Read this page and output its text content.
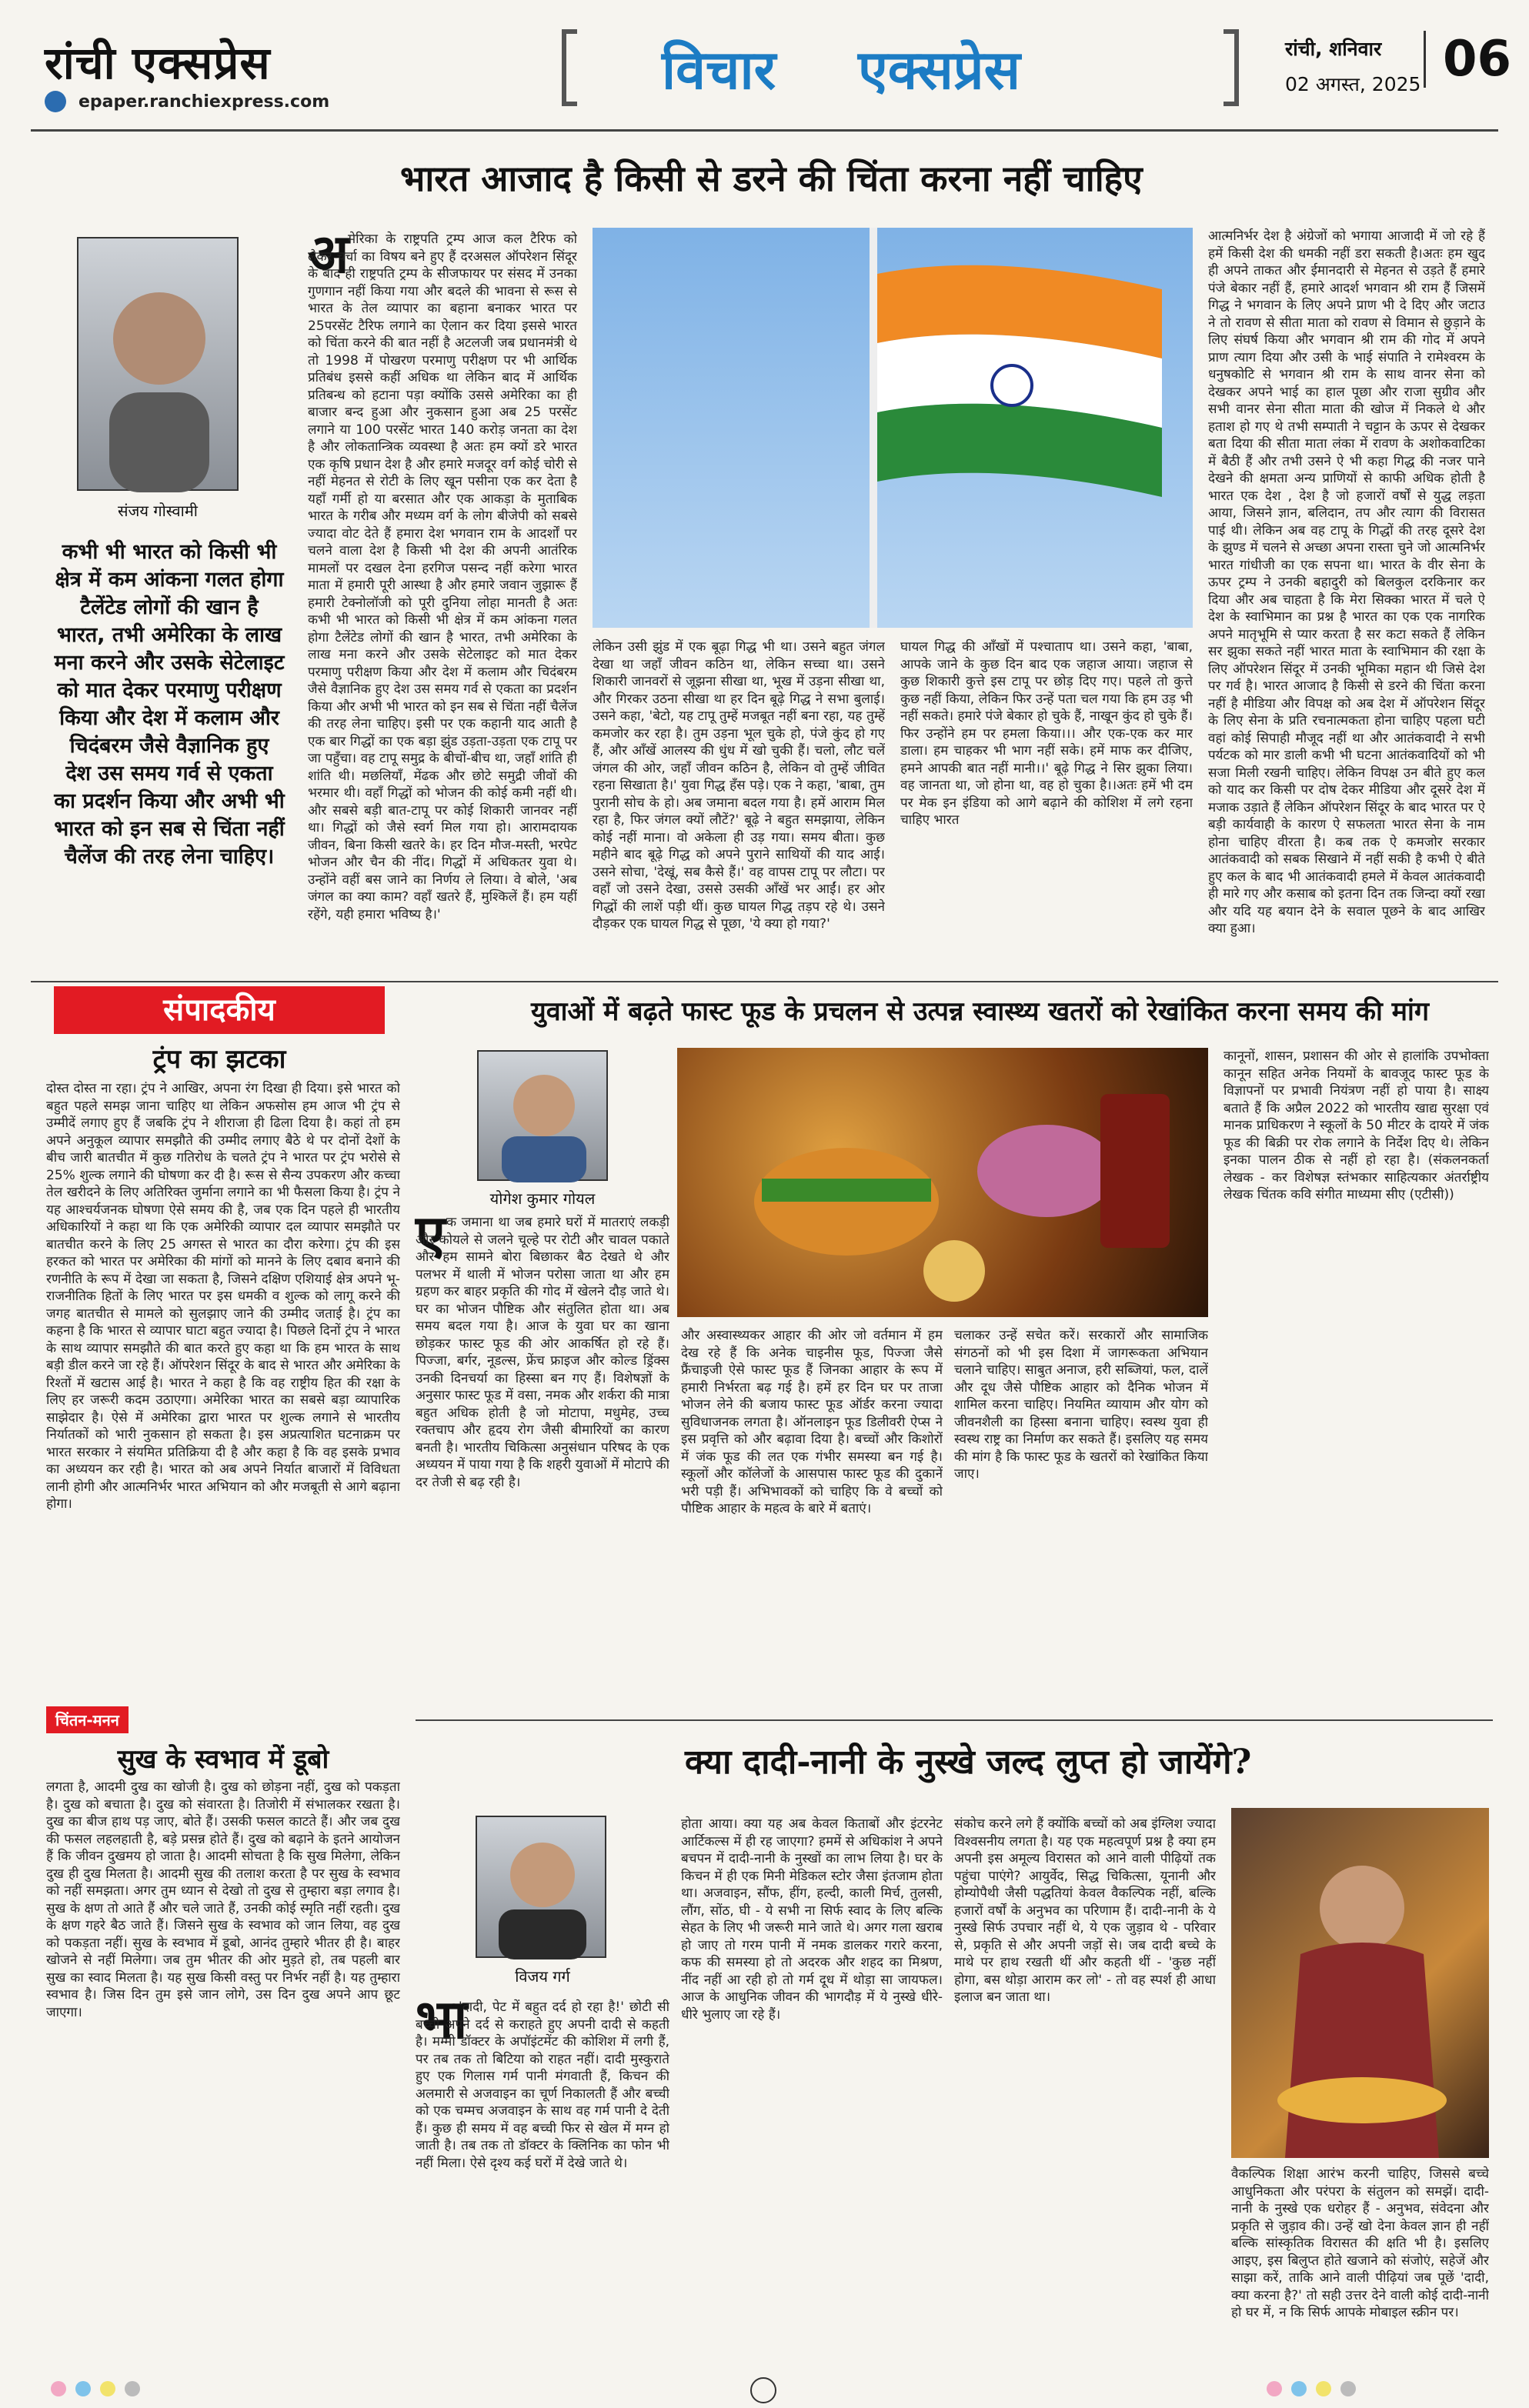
रांची एक्सप्रेस
epaper.ranchiexpress.com
विचार एक्सप्रेस	रांची, शनिवार
02 अगस्त, 2025 06
भारत आजाद है किसी से डरने की चिंता करना नहीं चाहिए
संजय गोस्वामी
कभी भी भारत को किसी भी क्षेत्र में कम आंकना गलत होगा टैलेंटेड लोगों की खान है भारत, तभी अमेरिका के लाख मना करने और उसके सेटेलाइट को मात देकर परमाणु परीक्षण किया और देश में कलाम और चिदंबरम जैसे वैज्ञानिक हुए देश उस समय गर्व से एकता का प्रदर्शन किया और अभी भी भारत को इन सब से चिंता नहीं चैलेंज की तरह लेना चाहिए।
अ
मेरिका के राष्ट्रपति ट्रम्प आज कल टैरिफ को लेकर चर्चा का विषय बने हुए हैं दरअसल ऑपरेशन सिंदूर के बाद ही राष्ट्रपति ट्रम्प के सीजफायर पर संसद में उनका गुणगान नहीं किया गया और बदले की भावना से रूस से भारत के तेल व्यापार का बहाना बनाकर भारत पर 25परसेंट टैरिफ लगाने का ऐलान कर दिया इससे भारत को चिंता करने की बात नहीं है अटलजी जब प्रधानमंत्री थे तो 1998 में पोखरण परमाणु परीक्षण पर भी आर्थिक प्रतिबंध इससे कहीं अधिक था लेकिन बाद में आर्थिक प्रतिबन्ध को हटाना पड़ा क्योंकि उससे अमेरिका का ही बाजार बन्द हुआ और नुकसान हुआ अब 25 परसेंट लगाने या 100 परसेंट भारत 140 करोड़ जनता का देश है और लोकतान्त्रिक व्यवस्था है अतः हम क्यों डरे भारत एक कृषि प्रधान देश है और हमारे मजदूर वर्ग कोई चोरी से नहीं मेहनत से रोटी के लिए खून पसीना एक कर देता है यहाँ गर्मी हो या बरसात और एक आकड़ा के मुताबिक भारत के गरीब और मध्यम वर्ग के लोग बीजेपी को सबसे ज्यादा वोट देते हैं हमारा देश भगवान राम के आदर्शों पर चलने वाला देश है किसी भी देश की अपनी आतंरिक मामलों पर दखल देना हरगिज पसन्द नहीं करेगा भारत माता में हमारी पूरी आस्था है और हमारे जवान जुझारू हैं हमारी टेक्नोलॉजी को पूरी दुनिया लोहा मानती है अतः कभी भी भारत को किसी भी क्षेत्र में कम आंकना गलत होगा टैलेंटेड लोगों की खान है भारत, तभी अमेरिका के लाख मना करने और उसके सेटेलाइट को मात देकर परमाणु परीक्षण किया और देश में कलाम और चिदंबरम जैसे वैज्ञानिक हुए देश उस समय गर्व से एकता का प्रदर्शन किया और अभी भी भारत को इन सब से चिंता नहीं चैलेंज की तरह लेना चाहिए। इसी पर एक कहानी याद आती है एक बार गिद्धों का एक बड़ा झुंड उड़ता-उड़ता एक टापू पर जा पहुँचा। वह टापू समुद्र के बीचों-बीच था, जहाँ शांति ही शांति थी। मछलियाँ, मेंढक और छोटे समुद्री जीवों की भरमार थी। वहाँ गिद्धों को भोजन की कोई कमी नहीं थी। और सबसे बड़ी बात-टापू पर कोई शिकारी जानवर नहीं था। गिद्धों को जैसे स्वर्ग मिल गया हो। आरामदायक जीवन, बिना किसी खतरे के। हर दिन मौज-मस्ती, भरपेट भोजन और चैन की नींद। गिद्धों में अधिकतर युवा थे। उन्होंने वहीं बस जाने का निर्णय ले लिया। वे बोले, 'अब जंगल का क्या काम? वहाँ खतरे हैं, मुश्किलें हैं। हम यहीं रहेंगे, यही हमारा भविष्य है।'
लेकिन उसी झुंड में एक बूढ़ा गिद्ध भी था। उसने बहुत जंगल देखा था जहाँ जीवन कठिन था, लेकिन सच्चा था। उसने शिकारी जानवरों से जूझना सीखा था, भूख में उड़ना सीखा था, और गिरकर उठना सीखा था हर दिन बूढ़े गिद्ध ने सभा बुलाई। उसने कहा, 'बेटो, यह टापू तुम्हें मजबूत नहीं बना रहा, यह तुम्हें कमजोर कर रहा है। तुम उड़ना भूल चुके हो, पंजे कुंद हो गए हैं, और आँखें आलस्य की धुंध में खो चुकी हैं। चलो, लौट चलें जंगल की ओर, जहाँ जीवन कठिन है, लेकिन वो तुम्हें जीवित रहना सिखाता है।' युवा गिद्ध हँस पड़े। एक ने कहा, 'बाबा, तुम पुरानी सोच के हो। अब जमाना बदल गया है। हमें आराम मिल रहा है, फिर जंगल क्यों लौटें?' बूढ़े ने बहुत समझाया, लेकिन कोई नहीं माना। वो अकेला ही उड़ गया। समय बीता। कुछ महीने बाद बूढ़े गिद्ध को अपने पुराने साथियों की याद आई। उसने सोचा, 'देखूं, सब कैसे हैं।' वह वापस टापू पर लौटा। पर वहाँ जो उसने देखा, उससे उसकी आँखें भर आईं। हर ओर गिद्धों की लाशें पड़ी थीं। कुछ घायल गिद्ध तड़प रहे थे। उसने दौड़कर एक घायल गिद्ध से पूछा, 'ये क्या हो गया?'
घायल गिद्ध की आँखों में पश्चाताप था। उसने कहा, 'बाबा, आपके जाने के कुछ दिन बाद एक जहाज आया। जहाज से कुछ शिकारी कुत्ते इस टापू पर छोड़ दिए गए। पहले तो कुत्ते कुछ नहीं किया, लेकिन फिर उन्हें पता चल गया कि हम उड़ भी नहीं सकते। हमारे पंजे बेकार हो चुके हैं, नाखून कुंद हो चुके हैं। फिर उन्होंने हम पर हमला किया।।। और एक-एक कर मार डाला। हम चाहकर भी भाग नहीं सके। हमें माफ कर दीजिए, हमने आपकी बात नहीं मानी।।' बूढ़े गिद्ध ने सिर झुका लिया। वह जानता था, जो होना था, वह हो चुका है।।अतः हमें भी दम पर मेक इन इंडिया को आगे बढ़ाने की कोशिश में लगे रहना चाहिए भारत
आत्मनिर्भर देश है अंग्रेजों को भगाया आजादी में जो रहे हैं हमें किसी देश की धमकी नहीं डरा सकती है।अतः हम खुद ही अपने ताकत और ईमानदारी से मेहनत से उड़ते हैं हमारे पंजे बेकार नहीं हैं, हमारे आदर्श भगवान श्री राम हैं जिसमें गिद्ध ने भगवान के लिए अपने प्राण भी दे दिए और जटाउ ने तो रावण से सीता माता को रावण से विमान से छुड़ाने के लिए संघर्ष किया और भगवान श्री राम की गोद में अपने प्राण त्याग दिया और उसी के भाई संपाति ने रामेश्वरम के धनुषकोटि से भगवान श्री राम के साथ वानर सेना को देखकर अपने भाई का हाल पूछा और राजा सुग्रीव और सभी वानर सेना सीता माता की खोज में निकले थे और हताश हो गए थे तभी सम्पाती ने चट्टान के ऊपर से देखकर बता दिया की सीता माता लंका में रावण के अशोकवाटिका में बैठी हैं और तभी उसने ऐ भी कहा गिद्ध की नजर पाने देखने की क्षमता अन्य प्राणियों से काफी अधिक होती है भारत एक देश , देश है जो हजारों वर्षों से युद्ध लड़ता आया, जिसने ज्ञान, बलिदान, तप और त्याग की विरासत पाई थी। लेकिन अब वह टापू के गिद्धों की तरह दूसरे देश के झुण्ड में चलने से अच्छा अपना रास्ता चुने जो आत्मनिर्भर भारत गांधीजी का एक सपना था। भारत के वीर सेना के ऊपर ट्रम्प ने उनकी बहादुरी को बिलकुल दरकिनार कर दिया और अब चाहता है कि मेरा सिक्का भारत में चले ऐ देश के स्वाभिमान का प्रश्न है भारत का एक एक नागरिक अपने मातृभूमि से प्यार करता है सर कटा सकते हैं लेकिन सर झुका सकते नहीं भारत माता के स्वाभिमान की रक्षा के लिए ऑपरेशन सिंदूर में उनकी भूमिका महान थी जिसे देश पर गर्व है। भारत आजाद है किसी से डरने की चिंता करना नहीं है मीडिया और विपक्ष को अब देश में ऑपरेशन सिंदूर के लिए सेना के प्रति रचनात्मकता होना चाहिए पहला घटी वहां कोई सिपाही मौजूद नहीं था और आतंकवादी ने सभी पर्यटक को मार डाली कभी भी घटना आतंकवादियों को भी सजा मिली रखनी चाहिए। लेकिन विपक्ष उन बीते हुए कल को याद कर किसी पर दोष देकर मीडिया और दूसरे देश में मजाक उड़ाते हैं लेकिन ऑपरेशन सिंदूर के बाद भारत पर ऐ बड़ी कार्यवाही के कारण ऐ सफलता भारत सेना के नाम होना चाहिए वीरता है। कब तक ऐ कमजोर सरकार आतंकवादी को सबक सिखाने में नहीं सकी है कभी ऐ बीते हुए कल के बाद भी आतंकवादी हमले में केवल आतंकवादी ही मारे गए और कसाब को इतना दिन तक जिन्दा क्यों रखा और यदि यह बयान देने के सवाल पूछने के बाद आखिर क्या हुआ।
संपादकीय
ट्रंप का झटका
दोस्त दोस्त ना रहा। ट्रंप ने आखिर, अपना रंग दिखा ही दिया। इसे भारत को बहुत पहले समझ जाना चाहिए था लेकिन अफसोस हम आज भी ट्रंप से उम्मीदें लगाए हुए हैं जबकि ट्रंप ने शीराजा ही ढिला दिया है। कहां तो हम अपने अनुकूल व्यापार समझौते की उम्मीद लगाए बैठे थे पर दोनों देशों के बीच जारी बातचीत में कुछ गतिरोध के चलते ट्रंप ने भारत पर ट्रंप भरोसे से 25% शुल्क लगाने की घोषणा कर दी है। रूस से सैन्य उपकरण और कच्चा तेल खरीदने के लिए अतिरिक्त जुर्माना लगाने का भी फैसला किया है। ट्रंप ने यह आश्चर्यजनक घोषणा ऐसे समय की है, जब एक दिन पहले ही भारतीय अधिकारियों ने कहा था कि एक अमेरिकी व्यापार दल व्यापार समझौते पर बातचीत करने के लिए 25 अगस्त से भारत का दौरा करेगा। ट्रंप की इस हरकत को भारत पर अमेरिका की मांगों को मानने के लिए दबाव बनाने की रणनीति के रूप में देखा जा सकता है, जिसने दक्षिण एशियाई क्षेत्र अपने भू-राजनीतिक हितों के लिए भारत पर इस धमकी व शुल्क को लागू करने की जगह बातचीत से मामले को सुलझाए जाने की उम्मीद जताई है। ट्रंप का कहना है कि भारत से व्यापार घाटा बहुत ज्यादा है। पिछले दिनों ट्रंप ने भारत के साथ व्यापार समझौते की बात करते हुए कहा था कि हम भारत के साथ बड़ी डील करने जा रहे हैं। ऑपरेशन सिंदूर के बाद से भारत और अमेरिका के रिश्तों में खटास आई है। भारत ने कहा है कि वह राष्ट्रीय हित की रक्षा के लिए हर जरूरी कदम उठाएगा। अमेरिका भारत का सबसे बड़ा व्यापारिक साझेदार है। ऐसे में अमेरिका द्वारा भारत पर शुल्क लगाने से भारतीय निर्यातकों को भारी नुकसान हो सकता है। इस अप्रत्याशित घटनाक्रम पर भारत सरकार ने संयमित प्रतिक्रिया दी है और कहा है कि वह इसके प्रभाव का अध्ययन कर रही है। भारत को अब अपने निर्यात बाजारों में विविधता लानी होगी और आत्मनिर्भर भारत अभियान को और मजबूती से आगे बढ़ाना होगा।
चिंतन-मनन
सुख के स्वभाव में डूबो
लगता है, आदमी दुख का खोजी है। दुख को छोड़ना नहीं, दुख को पकड़ता है। दुख को बचाता है। दुख को संवारता है। तिजोरी में संभालकर रखता है। दुख का बीज हाथ पड़ जाए, बोते हैं। उसकी फसल काटते हैं। और जब दुख की फसल लहलहाती है, बड़े प्रसन्न होते हैं। दुख को बढ़ाने के इतने आयोजन हैं कि जीवन दुखमय हो जाता है। आदमी सोचता है कि सुख मिलेगा, लेकिन दुख ही दुख मिलता है। आदमी सुख की तलाश करता है पर सुख के स्वभाव को नहीं समझता। अगर तुम ध्यान से देखो तो दुख से तुम्हारा बड़ा लगाव है। सुख के क्षण तो आते हैं और चले जाते हैं, उनकी कोई स्मृति नहीं रहती। दुख के क्षण गहरे बैठ जाते हैं। जिसने सुख के स्वभाव को जान लिया, वह दुख को पकड़ता नहीं। सुख के स्वभाव में डूबो, आनंद तुम्हारे भीतर ही है। बाहर खोजने से नहीं मिलेगा। जब तुम भीतर की ओर मुड़ते हो, तब पहली बार सुख का स्वाद मिलता है। यह सुख किसी वस्तु पर निर्भर नहीं है। यह तुम्हारा स्वभाव है। जिस दिन तुम इसे जान लोगे, उस दिन दुख अपने आप छूट जाएगा।
युवाओं में बढ़ते फास्ट फूड के प्रचलन से उत्पन्न स्वास्थ्य खतरों को रेखांकित करना समय की मांग
योगेश कुमार गोयल
ए क जमाना था जब हमारे घरों में मातराएं लकड़ी और कोयले से जलने चूल्हे पर रोटी और चावल पकाते और हम सामने बोरा बिछाकर बैठ देखते थे और पलभर में थाली में भोजन परोसा जाता था और हम ग्रहण कर बाहर प्रकृति की गोद में खेलने दौड़ जाते थे। घर का भोजन पौष्टिक और संतुलित होता था। अब समय बदल गया है। आज के युवा घर का खाना छोड़कर फास्ट फूड की ओर आकर्षित हो रहे हैं। पिज्जा, बर्गर, नूडल्स, फ्रेंच फ्राइज और कोल्ड ड्रिंक्स उनकी दिनचर्या का हिस्सा बन गए हैं। विशेषज्ञों के अनुसार फास्ट फूड में वसा, नमक और शर्करा की मात्रा बहुत अधिक होती है जो मोटापा, मधुमेह, उच्च रक्तचाप और हृदय रोग जैसी बीमारियों का कारण बनती है। भारतीय चिकित्सा अनुसंधान परिषद के एक अध्ययन में पाया गया है कि शहरी युवाओं में मोटापे की दर तेजी से बढ़ रही है।
और अस्वास्थ्यकर आहार की ओर जो वर्तमान में हम देख रहे हैं कि अनेक चाइनीस फूड, पिज्जा जैसे फ्रैंचाइजी ऐसे फास्ट फूड हैं जिनका आहार के रूप में हमारी निर्भरता बढ़ गई है। हमें हर दिन घर पर ताजा भोजन लेने की बजाय फास्ट फूड ऑर्डर करना ज्यादा सुविधाजनक लगता है। ऑनलाइन फूड डिलीवरी ऐप्स ने इस प्रवृत्ति को और बढ़ावा दिया है। बच्चों और किशोरों में जंक फूड की लत एक गंभीर समस्या बन गई है। स्कूलों और कॉलेजों के आसपास फास्ट फूड की दुकानें भरी पड़ी हैं। अभिभावकों को चाहिए कि वे बच्चों को पौष्टिक आहार के महत्व के बारे में बताएं।
चलाकर उन्हें सचेत करें। सरकारों और सामाजिक संगठनों को भी इस दिशा में जागरूकता अभियान चलाने चाहिए। साबुत अनाज, हरी सब्जियां, फल, दालें और दूध जैसे पौष्टिक आहार को दैनिक भोजन में शामिल करना चाहिए। नियमित व्यायाम और योग को जीवनशैली का हिस्सा बनाना चाहिए। स्वस्थ युवा ही स्वस्थ राष्ट्र का निर्माण कर सकते हैं। इसलिए यह समय की मांग है कि फास्ट फूड के खतरों को रेखांकित किया जाए।
कानूनों, शासन, प्रशासन की ओर से हालांकि उपभोक्ता कानून सहित अनेक नियमों के बावजूद फास्ट फूड के विज्ञापनों पर प्रभावी नियंत्रण नहीं हो पाया है। साक्ष्य बताते हैं कि अप्रैल 2022 को भारतीय खाद्य सुरक्षा एवं मानक प्राधिकरण ने स्कूलों के 50 मीटर के दायरे में जंक फूड की बिक्री पर रोक लगाने के निर्देश दिए थे। लेकिन इनका पालन ठीक से नहीं हो रहा है। (संकलनकर्ता लेखक - कर विशेषज्ञ स्तंभकार साहित्यकार अंतर्राष्ट्रीय लेखक चिंतक कवि संगीत माध्यमा सीए (एटीसी))
क्या दादी-नानी के नुस्खे जल्द लुप्त हो जायेंगे?
विजय गर्ग
भा
'दादी, पेट में बहुत दर्द हो रहा है!' छोटी सी बच्ची अपने दर्द से कराहते हुए अपनी दादी से कहती है। मम्मी डॉक्टर के अपॉइंटमेंट की कोशिश में लगी हैं, पर तब तक तो बिटिया को राहत नहीं। दादी मुस्कुराते हुए एक गिलास गर्म पानी मंगवाती हैं, किचन की अलमारी से अजवाइन का चूर्ण निकालती हैं और बच्ची को एक चम्मच अजवाइन के साथ वह गर्म पानी दे देती हैं। कुछ ही समय में वह बच्ची फिर से खेल में मग्न हो जाती है। तब तक तो डॉक्टर के क्लिनिक का फोन भी नहीं मिला। ऐसे दृश्य कई घरों में देखे जाते थे।
होता आया। क्या यह अब केवल किताबों और इंटरनेट आर्टिकल्स में ही रह जाएगा? हममें से अधिकांश ने अपने बचपन में दादी-नानी के नुस्खों का लाभ लिया है। घर के किचन में ही एक मिनी मेडिकल स्टोर जैसा इंतजाम होता था। अजवाइन, सौंफ, हींग, हल्दी, काली मिर्च, तुलसी, लौंग, सोंठ, घी - ये सभी ना सिर्फ स्वाद के लिए बल्कि सेहत के लिए भी जरूरी माने जाते थे। अगर गला खराब हो जाए तो गरम पानी में नमक डालकर गरारे करना, कफ की समस्या हो तो अदरक और शहद का मिश्रण, नींद नहीं आ रही हो तो गर्म दूध में थोड़ा सा जायफल। आज के आधुनिक जीवन की भागदौड़ में ये नुस्खे धीरे-धीरे भुलाए जा रहे हैं।
संकोच करने लगे हैं क्योंकि बच्चों को अब इंग्लिश ज्यादा विश्वसनीय लगता है। यह एक महत्वपूर्ण प्रश्न है क्या हम अपनी इस अमूल्य विरासत को आने वाली पीढ़ियों तक पहुंचा पाएंगे? आयुर्वेद, सिद्ध चिकित्सा, यूनानी और होम्योपैथी जैसी पद्धतियां केवल वैकल्पिक नहीं, बल्कि हजारों वर्षों के अनुभव का परिणाम हैं। दादी-नानी के ये नुस्खे सिर्फ उपचार नहीं थे, ये एक जुड़ाव थे - परिवार से, प्रकृति से और अपनी जड़ों से। जब दादी बच्चे के माथे पर हाथ रखती थीं और कहती थीं - 'कुछ नहीं होगा, बस थोड़ा आराम कर लो' - तो वह स्पर्श ही आधा इलाज बन जाता था।
वैकल्पिक शिक्षा आरंभ करनी चाहिए, जिससे बच्चे आधुनिकता और परंपरा के संतुलन को समझें। दादी-नानी के नुस्खे एक धरोहर हैं - अनुभव, संवेदना और प्रकृति से जुड़ाव की। उन्हें खो देना केवल ज्ञान ही नहीं बल्कि सांस्कृतिक विरासत की क्षति भी है। इसलिए आइए, इस बिलुप्त होते खजाने को संजोएं, सहेजें और साझा करें, ताकि आने वाली पीढ़ियां जब पूछें 'दादी, क्या करना है?' तो सही उत्तर देने वाली कोई दादी-नानी हो घर में, न कि सिर्फ आपके मोबाइल स्क्रीन पर।
